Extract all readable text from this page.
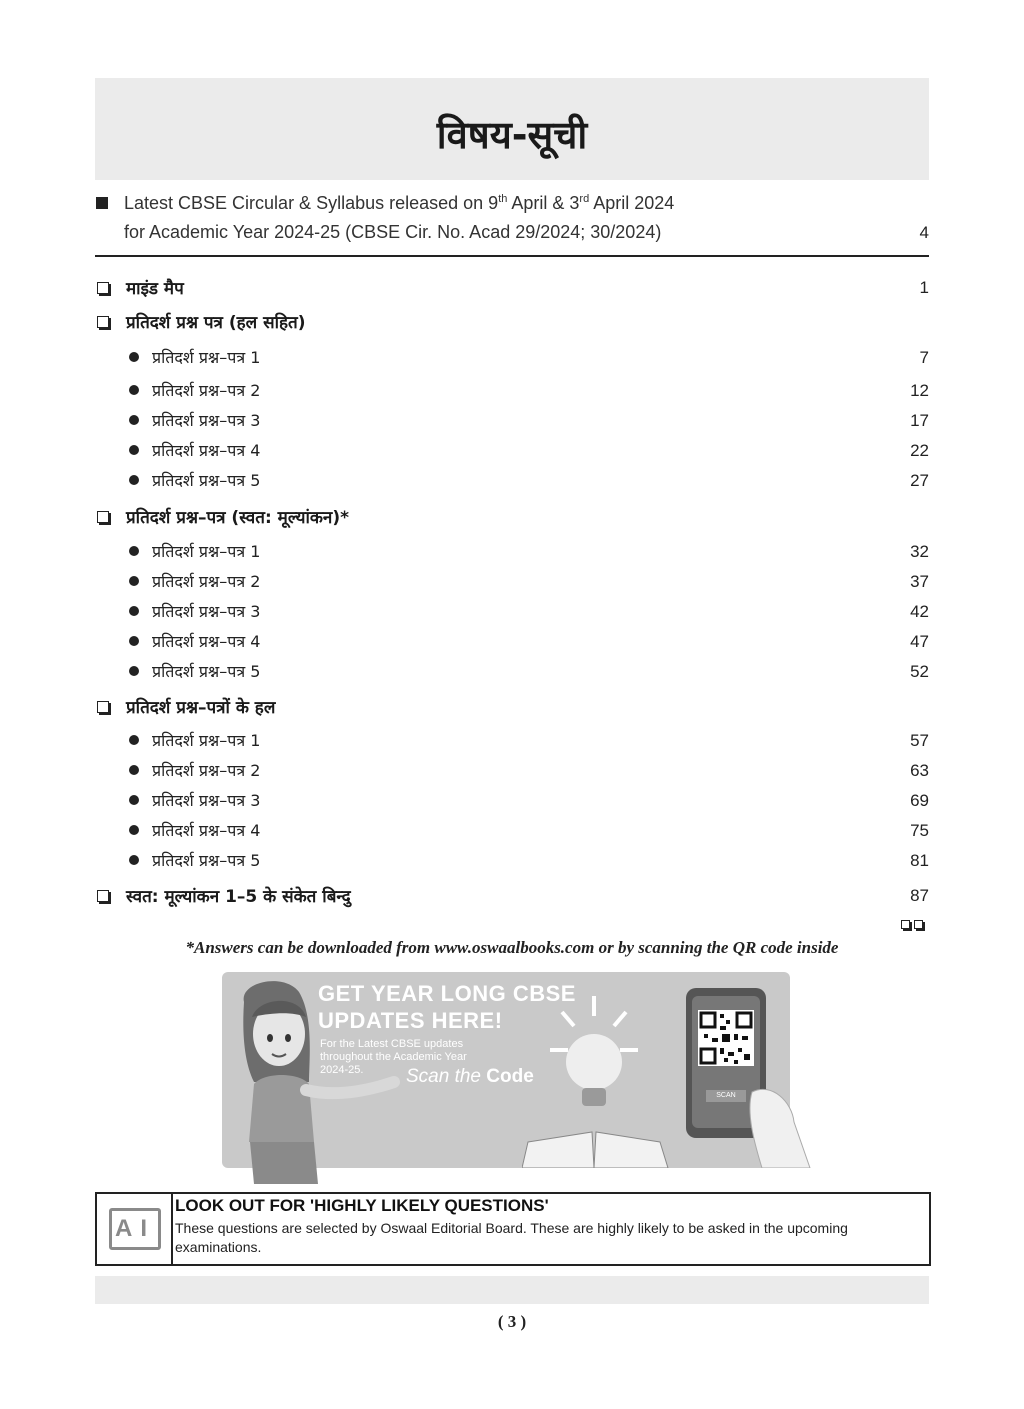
विषय-सूची
Latest CBSE Circular & Syllabus released on 9th April & 3rd April 2024
for Academic Year 2024-25 (CBSE Cir. No. Acad 29/2024; 30/2024)	4
माइंड मैप	1
प्रतिदर्श प्रश्न पत्र (हल सहित)
प्रतिदर्श प्रश्न–पत्र 1	7
प्रतिदर्श प्रश्न–पत्र 2	12
प्रतिदर्श प्रश्न–पत्र 3	17
प्रतिदर्श प्रश्न–पत्र 4	22
प्रतिदर्श प्रश्न–पत्र 5	27
प्रतिदर्श प्रश्न–पत्र (स्वत: मूल्यांकन)*
प्रतिदर्श प्रश्न–पत्र 1	32
प्रतिदर्श प्रश्न–पत्र 2	37
प्रतिदर्श प्रश्न–पत्र 3	42
प्रतिदर्श प्रश्न–पत्र 4	47
प्रतिदर्श प्रश्न–पत्र 5	52
प्रतिदर्श प्रश्न–पत्रों के हल
प्रतिदर्श प्रश्न–पत्र 1	57
प्रतिदर्श प्रश्न–पत्र 2	63
प्रतिदर्श प्रश्न–पत्र 3	69
प्रतिदर्श प्रश्न–पत्र 4	75
प्रतिदर्श प्रश्न–पत्र 5	81
स्वत: मूल्यांकन 1–5 के संकेत बिन्दु	87
*Answers can be downloaded from www.oswaalbooks.com or by scanning the QR code inside
GET YEAR LONG CBSE
UPDATES HERE!
For the Latest CBSE updates
throughout the Academic Year
2024-25. Scan the Code
SCAN
AI
LOOK OUT FOR 'HIGHLY LIKELY QUESTIONS'
These questions are selected by Oswaal Editorial Board. These are highly likely to be asked in the upcoming examinations.
( 3 )
